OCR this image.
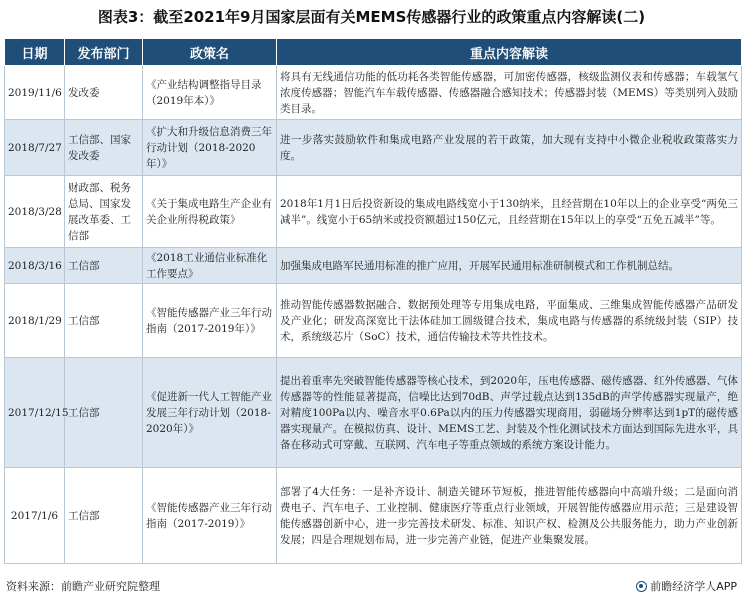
图表3：截至2021年9月国家层面有关MEMS传感器行业的政策重点内容解读(二)
日期	发布部门	政策名	重点内容解读
2019/11/6	发改委	《产业结构调整指导目录（2019年本）》	将具有无线通信功能的低功耗各类智能传感器，可加密传感器，核级监测仪表和传感器；车载氢气浓度传感器；智能汽车车载传感器、传感器融合感知技术；传感器封装（MEMS）等类别列入鼓励类目录。
2018/7/27	工信部、国家发改委	《扩大和升级信息消费三年行动计划（2018-2020年）》	进一步落实鼓励软件和集成电路产业发展的若干政策，加大现有支持中小微企业税收政策落实力度。
2018/3/28	财政部、税务总局、国家发展改革委、工信部	《关于集成电路生产企业有关企业所得税政策》	2018年1月1日后投资新设的集成电路线宽小于130纳米，且经营期在10年以上的企业享受“两免三减半”。线宽小于65纳米或投资额超过150亿元，且经营期在15年以上的享受“五免五减半”等。
2018/3/16	工信部	《2018工业通信业标准化工作要点》	加强集成电路军民通用标准的推广应用，开展军民通用标准研制模式和工作机制总结。
2018/1/29	工信部	《智能传感器产业三年行动指南（2017-2019年）》	推动智能传感器数据融合、数据预处理等专用集成电路，平面集成、三维集成智能传感器产品研发及产业化；研发高深宽比干法体硅加工圆级键合技术，集成电路与传感器的系统级封装（SIP）技术，系统级芯片（SoC）技术，通信传输技术等共性技术。
2017/12/15	工信部	《促进新一代人工智能产业发展三年行动计划（2018-2020年）》	提出着重率先突破智能传感器等核心技术，到2020年，压电传感器、磁传感器、红外传感器、气体传感器等的性能显著提高，信噪比达到70dB、声学过载点达到135dB的声学传感器实现量产，绝对精度100Pa以内、噪音水平0.6Pa以内的压力传感器实现商用，弱磁场分辨率达到1pT的磁传感器实现量产。在模拟仿真、设计、MEMS工艺、封装及个性化测试技术方面达到国际先进水平，具备在移动式可穿戴、互联网、汽车电子等重点领域的系统方案设计能力。
2017/1/6	工信部	《智能传感器产业三年行动指南（2017-2019）》	部署了4大任务：一是补齐设计、制造关键环节短板，推进智能传感器向中高端升级；二是面向消费电子、汽车电子、工业控制、健康医疗等重点行业领域，开展智能传感器应用示范；三是建设智能传感器创新中心，进一步完善技术研发、标准、知识产权、检测及公共服务能力，助力产业创新发展；四是合理规划布局，进一步完善产业链，促进产业集聚发展。
资料来源：前瞻产业研究院整理	前瞻经济学人APP
